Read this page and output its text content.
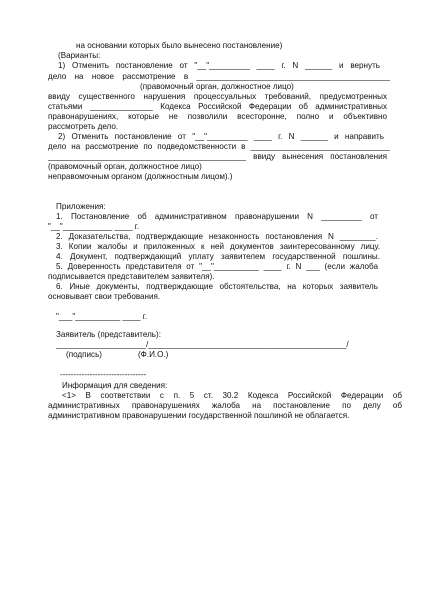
на основании которых было вынесено постановление)
(Варианты:
1) Отменить постановление от "__"_________ ____ г. N ______ и вернуть
дело на новое рассмотрение в ___________________________________________
(правомочный орган, должностное лицо)
ввиду существенного нарушения процессуальных требований, предусмотренных
статьями ______________ Кодекса Российской Федерации об административных
правонарушениях, которые не позволили всесторонне, полно и объективно
рассмотреть дело.
2) Отменить постановление от "__"_________ ____ г. N ______ и направить
дело на рассмотрение по подведомственности в _______________________________
____________________________________________ ввиду вынесения постановления
(правомочный орган, должностное лицо)
неправомочным органом (должностным лицом).)
Приложения:
1. Постановление об административном правонарушении N _________ от
"__"___________ ____ г.
2. Доказательства, подтверждающие незаконность постановления N ________.
3. Копии жалобы и приложенных к ней документов заинтересованному лицу.
4. Документ, подтверждающий уплату заявителем государственной пошлины.
5. Доверенность представителя от "__"__________ ____ г. N ___ (если жалоба
подписывается представителем заявителя).
6. Иные документы, подтверждающие обстоятельства, на которых заявитель
основывает свои требования.
"___"__________ ____ г.
Заявитель (представитель):
____________________/____________________________________________/
(подпись)                (Ф.И.О.)
--------------------------------
Информация для сведения:
<1> В соответствии с п. 5 ст. 30.2 Кодекса Российской Федерации об
административных правонарушениях жалоба на постановление по делу об
административном правонарушении государственной пошлиной не облагается.
